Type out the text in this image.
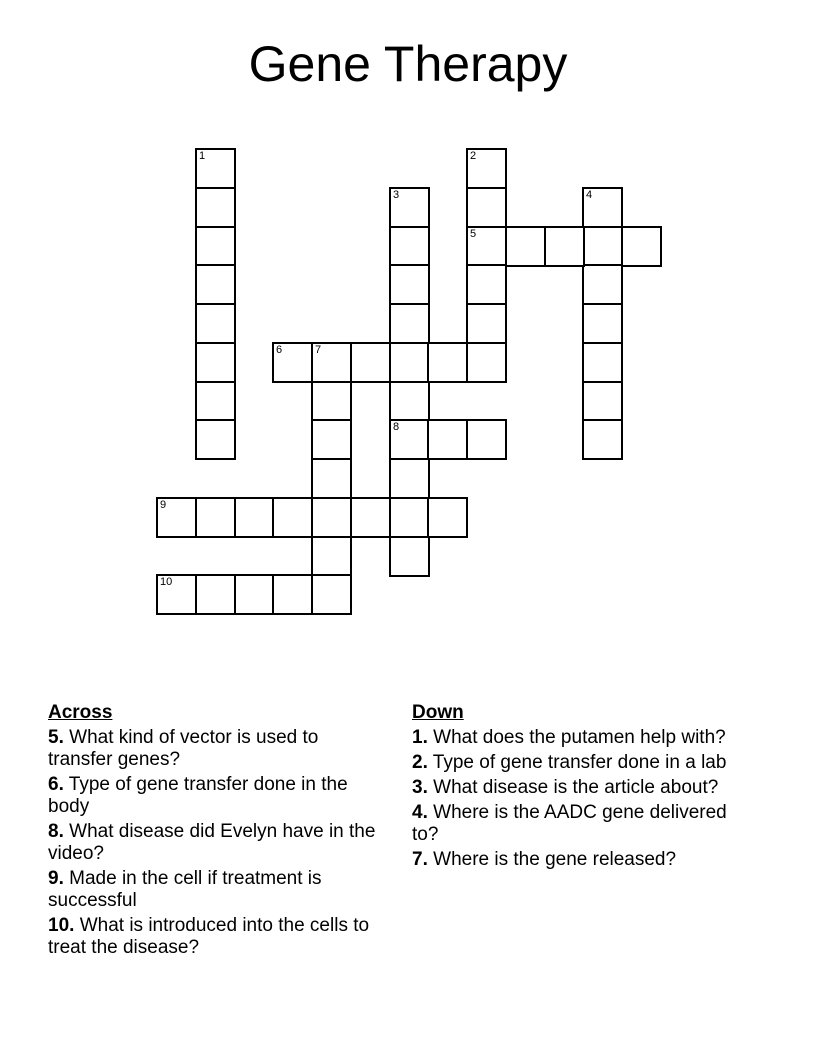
Gene Therapy
1	2
5
3
8
4
6	7
9
10
Across
5. What kind of vector is used to transfer genes?
6. Type of gene transfer done in the body
8. What disease did Evelyn have in the video?
9. Made in the cell if treatment is successful
10. What is introduced into the cells to treat the disease?
Down
1. What does the putamen help with?
2. Type of gene transfer done in a lab
3. What disease is the article about?
4. Where is the AADC gene delivered to?
7. Where is the gene released?
